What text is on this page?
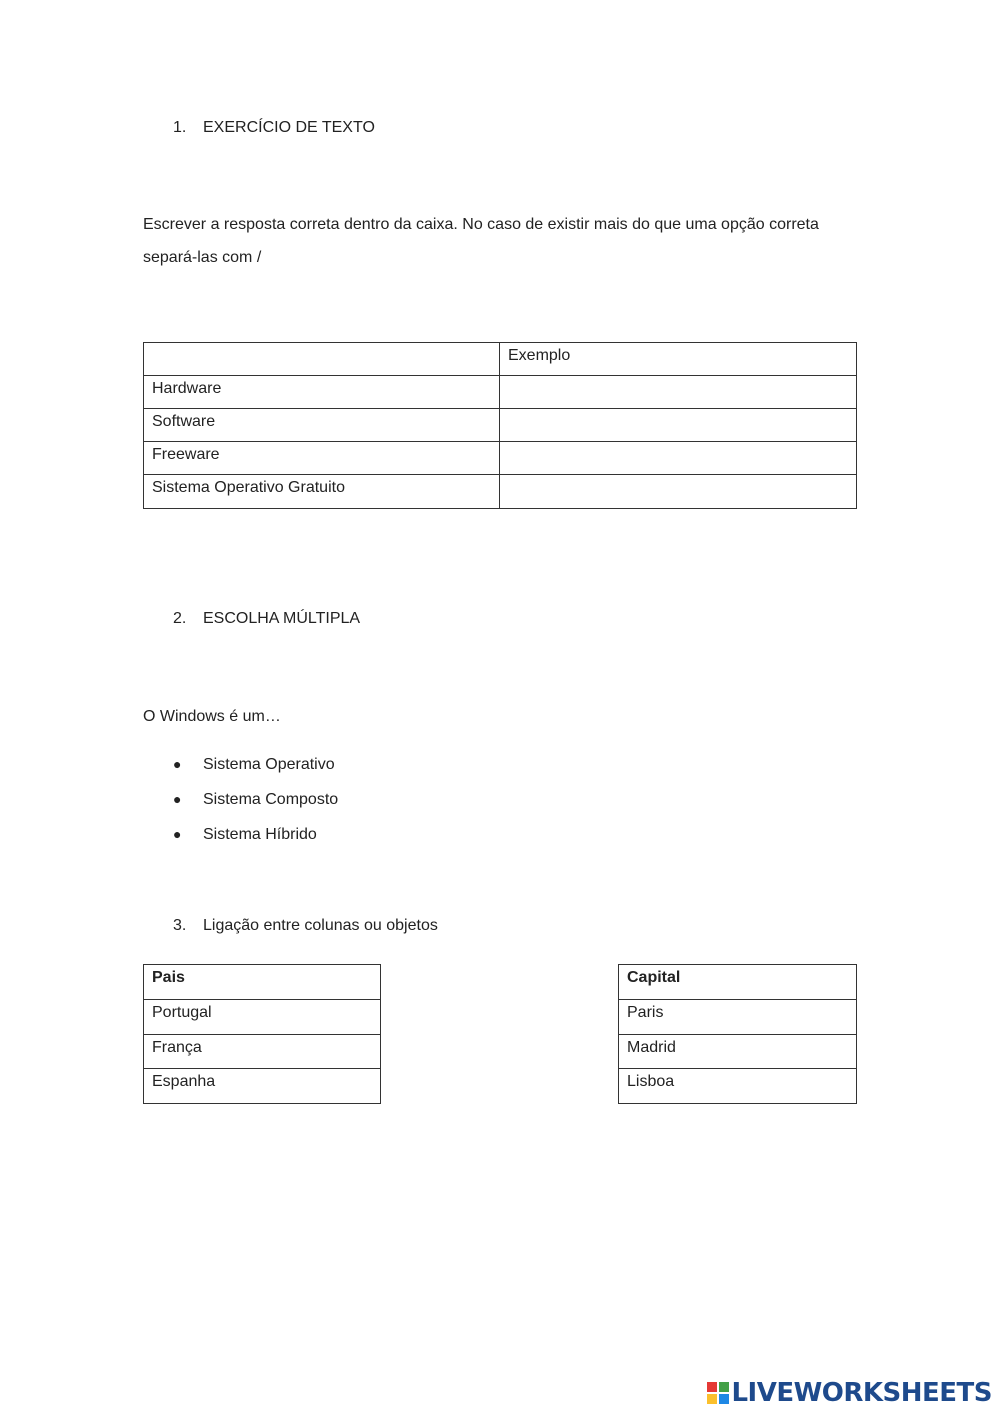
1. EXERCÍCIO DE TEXTO
Escrever a resposta correta dentro da caixa. No caso de existir mais do que uma opção correta separá-las com /
	Exemplo
Hardware	
Software	
Freeware	
Sistema Operativo Gratuito	
2. ESCOLHA MÚLTIPLA
O Windows é um…
● Sistema Operativo
● Sistema Composto
● Sistema Híbrido
3. Ligação entre colunas ou objetos
Pais
Portugal
França
Espanha
Capital
Paris
Madrid
Lisboa
LIVEWORKSHEETS
